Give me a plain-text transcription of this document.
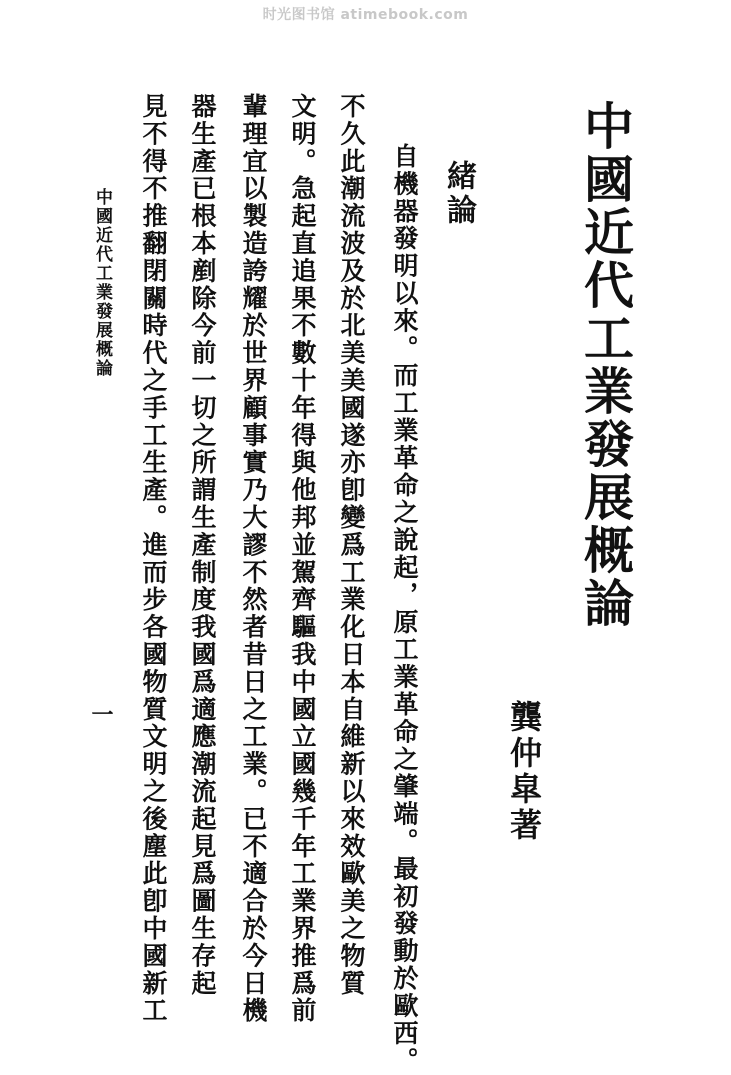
时光图书馆 atimebook.com

中國近代工業發展概論

龔仲皐著

緒論

自機器發明以來。而工業革命之說起，原工業革命之肇端。最初發動於歐西。

不久此潮流波及於北美美國遂亦卽變爲工業化日本自維新以來效歐美之物質

文明。急起直追果不數十年得與他邦並駕齊驅我中國立國幾千年工業界推爲前

輩理宜以製造誇耀於世界顧事實乃大謬不然者昔日之工業。已不適合於今日機

器生產已根本剷除今前一切之所謂生產制度我國爲適應潮流起見爲圖生存起

見不得不推翻閉關時代之手工生產。進而步各國物質文明之後塵此卽中國新工

中國近代工業發展概論

一
